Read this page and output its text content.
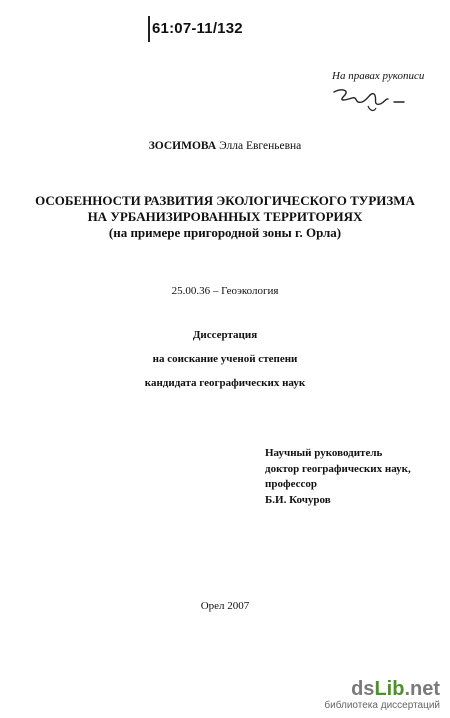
61:07-11/132
На правах рукописи
ЗОСИМОВА Элла Евгеньевна
ОСОБЕННОСТИ РАЗВИТИЯ ЭКОЛОГИЧЕСКОГО ТУРИЗМА
НА УРБАНИЗИРОВАННЫХ ТЕРРИТОРИЯХ
(на примере пригородной зоны г. Орла)
25.00.36 – Геоэкология
Диссертация
на соискание ученой степени
кандидата географических наук
Научный руководитель
доктор географических наук,
профессор
Б.И. Кочуров
Орел 2007
dsLib.net
библиотека диссертаций
